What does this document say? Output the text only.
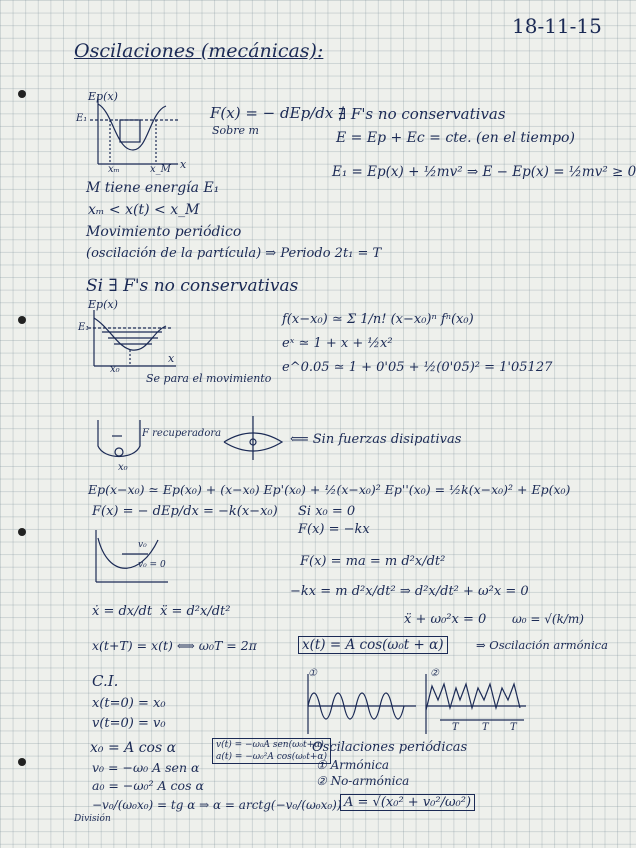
18-11-15
Oscilaciones (mecánicas):
Ep(x)
E₁
xₘ	x_M x
F(x) = − dEp/dx
Sobre m
∄ F's no conservativas
E = Ep + Ec = cte. (en el tiempo)
E₁ = Ep(x) + ½mv² ⇒ E − Ep(x) = ½mv² ≥ 0
M tiene energía E₁
xₘ < x(t) < x_M
Movimiento periódico
(oscilación de la partícula) ⇒ Periodo 2t₁ = T
Si ∃ F's no conservativas
Ep(x)
E₁
x₀
x
Se para el movimiento
f(x−x₀) ≃ Σ 1/n! (x−x₀)ⁿ fⁿ(x₀)
eˣ ≃ 1 + x + ½x²
e^0.05 ≃ 1 + 0'05 + ½(0'05)² = 1'05127
F recuperadora
x₀
⟸ Sin fuerzas disipativas
Ep(x−x₀) ≃ Ep(x₀) + (x−x₀) Ep'(x₀) + ½(x−x₀)² Ep''(x₀) = ½k(x−x₀)² + Ep(x₀)
F(x) = − dEp/dx = −k(x−x₀) Si x₀ = 0
F(x) = −kx
v₀
v₀ = 0	F(x) = ma = m d²x/dt²
−kx = m d²x/dt² ⇒ d²x/dt² + ω²x = 0
ẍ + ω₀²x = 0 ω₀ = √(k/m)
ẋ = dx/dt ẍ = d²x/dt²
x(t+T) = x(t) ⟺ ω₀T = 2π	x(t) = A cos(ω₀t + α)	⇒ Oscilación armónica
C.I.
x(t=0) = x₀
v(t=0) = v₀
x₀ = A cos α	v(t) = −ω₀A sen(ω₀t+α)
a(t) = −ω₀²A cos(ω₀t+α)
v₀ = −ω₀ A sen α
a₀ = −ω₀² A cos α
−v₀/(ω₀x₀) = tg α ⇒ α = arctg(−v₀/(ω₀x₀))
División
①	②
T T T
Oscilaciones periódicas
① Armónica
② No-armónica
A = √(x₀² + v₀²/ω₀²)
